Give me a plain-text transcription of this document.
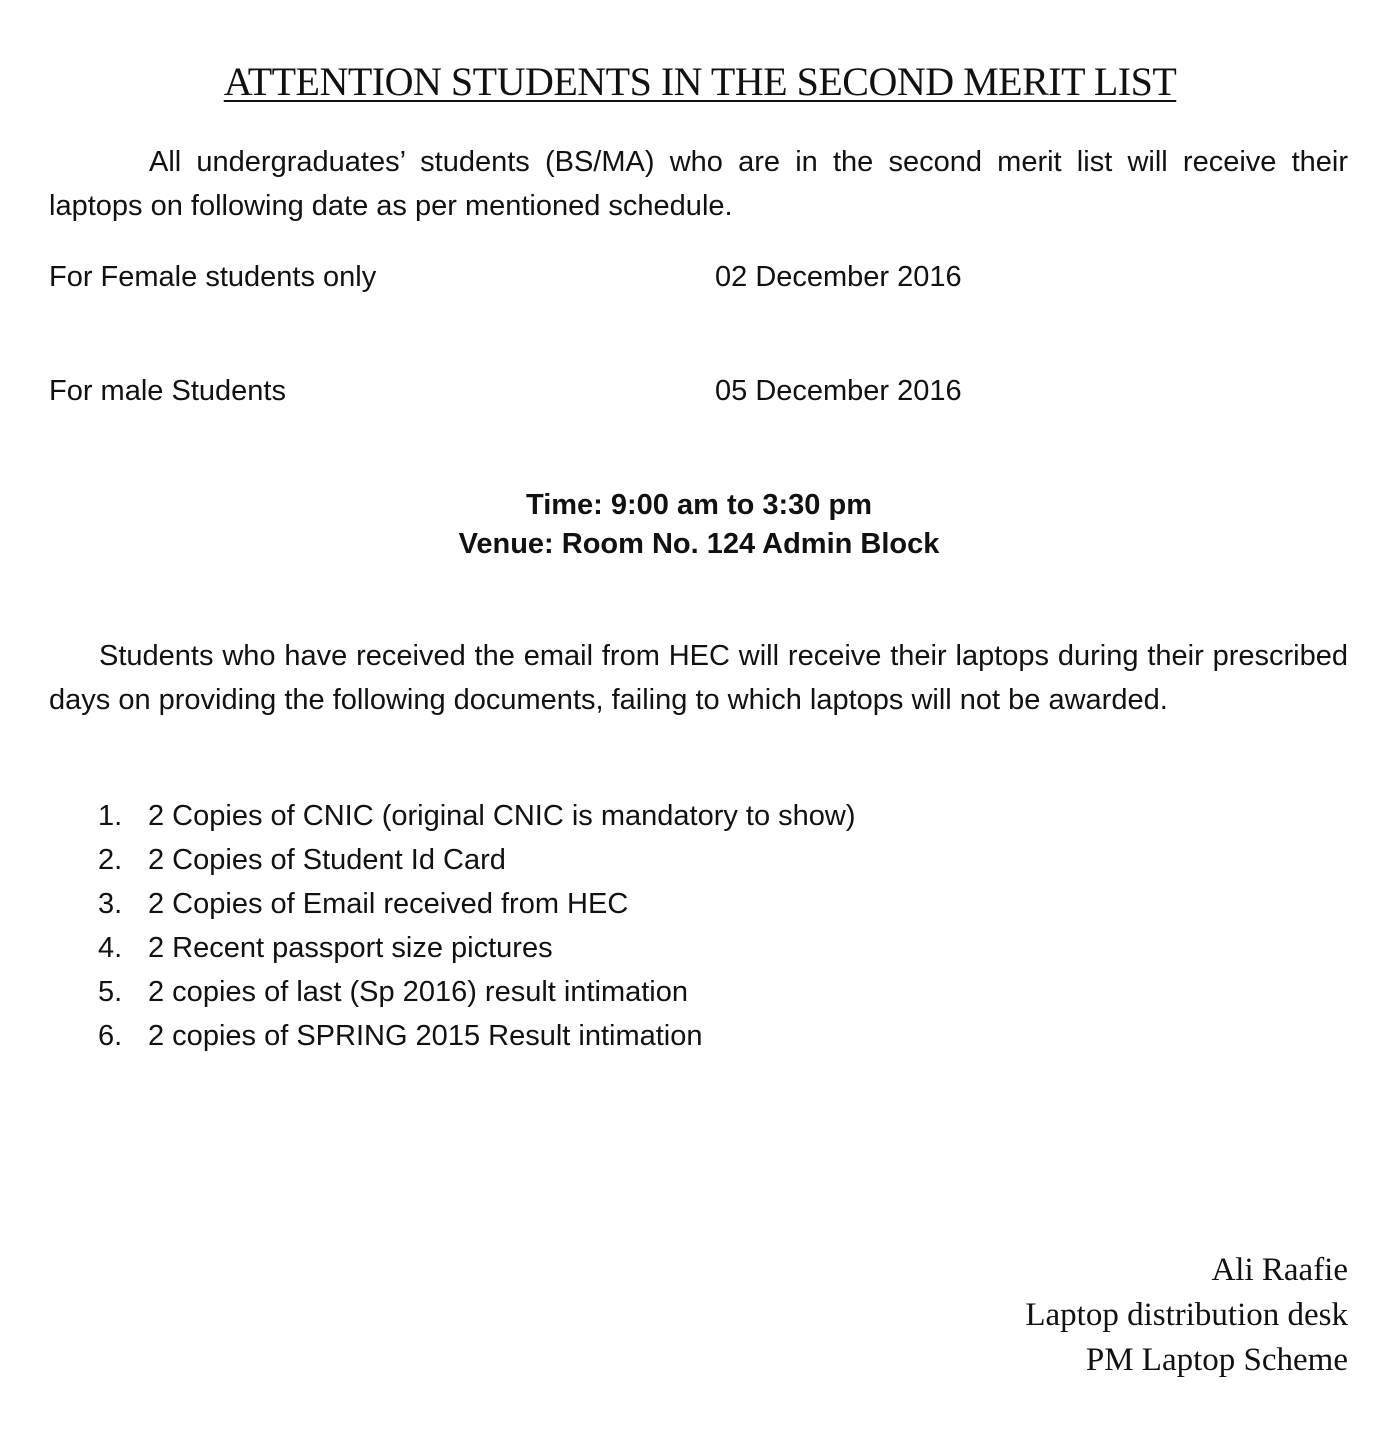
ATTENTION STUDENTS IN THE SECOND MERIT LIST
All undergraduates’ students (BS/MA) who are in the second merit list will receive their laptops on following date as per mentioned schedule.
For Female students only	02 December 2016
For male Students	05 December 2016
Time: 9:00 am to 3:30 pm
Venue: Room No. 124 Admin Block
Students who have received the email from HEC will receive their laptops during their prescribed days on providing the following documents, failing to which laptops will not be awarded.
1. 2 Copies of CNIC (original CNIC is mandatory to show)
2. 2 Copies of Student Id Card
3. 2 Copies of Email received from HEC
4. 2 Recent passport size pictures
5. 2 copies of last (Sp 2016) result intimation
6. 2 copies of SPRING 2015 Result intimation
Ali Raafie
Laptop distribution desk
PM Laptop Scheme
